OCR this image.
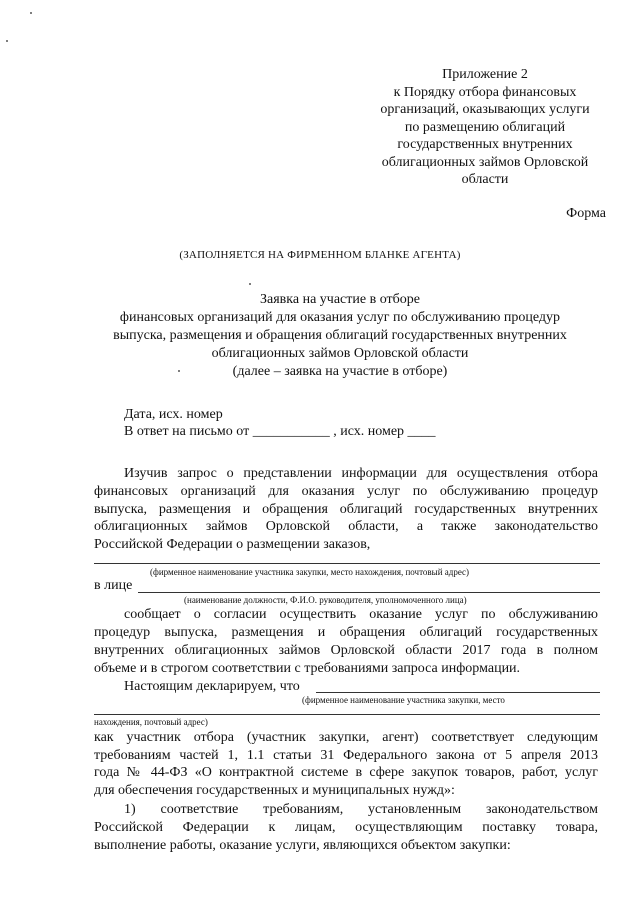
Приложение 2
к Порядку отбора финансовых
организаций, оказывающих услуги
по размещению облигаций
государственных внутренних
облигационных займов Орловской
области
Форма
(ЗАПОЛНЯЕТСЯ НА ФИРМЕННОМ БЛАНКЕ АГЕНТА)
Заявка на участие в отборе
финансовых организаций для оказания услуг по обслуживанию процедур
выпуска, размещения и обращения облигаций государственных внутренних
облигационных займов Орловской области
(далее – заявка на участие в отборе)
Дата, исх. номер
В ответ на письмо от ___________ , исх. номер ____
Изучив запрос о представлении информации для осуществления отбора
финансовых организаций для оказания услуг по обслуживанию процедур
выпуска, размещения и обращения облигаций государственных внутренних
облигационных займов Орловской области, а также законодательство
Российской Федерации о размещении заказов,
(фирменное наименование участника закупки, место нахождения, почтовый адрес)
в лице
(наименование должности, Ф.И.О. руководителя, уполномоченного лица)
сообщает о согласии осуществить оказание услуг по обслуживанию
процедур выпуска, размещения и обращения облигаций государственных
внутренних облигационных займов Орловской области 2017 года в полном
объеме и в строгом соответствии с требованиями запроса информации.
Настоящим декларируем, что
(фирменное наименование участника закупки, место
нахождения, почтовый адрес)
как участник отбора (участник закупки, агент) соответствует следующим
требованиям частей 1, 1.1 статьи 31 Федерального закона от 5 апреля 2013
года № 44-ФЗ «О контрактной системе в сфере закупок товаров, работ, услуг
для обеспечения государственных и муниципальных нужд»:
1) соответствие требованиям, установленным законодательством
Российской Федерации к лицам, осуществляющим поставку товара,
выполнение работы, оказание услуги, являющихся объектом закупки:
